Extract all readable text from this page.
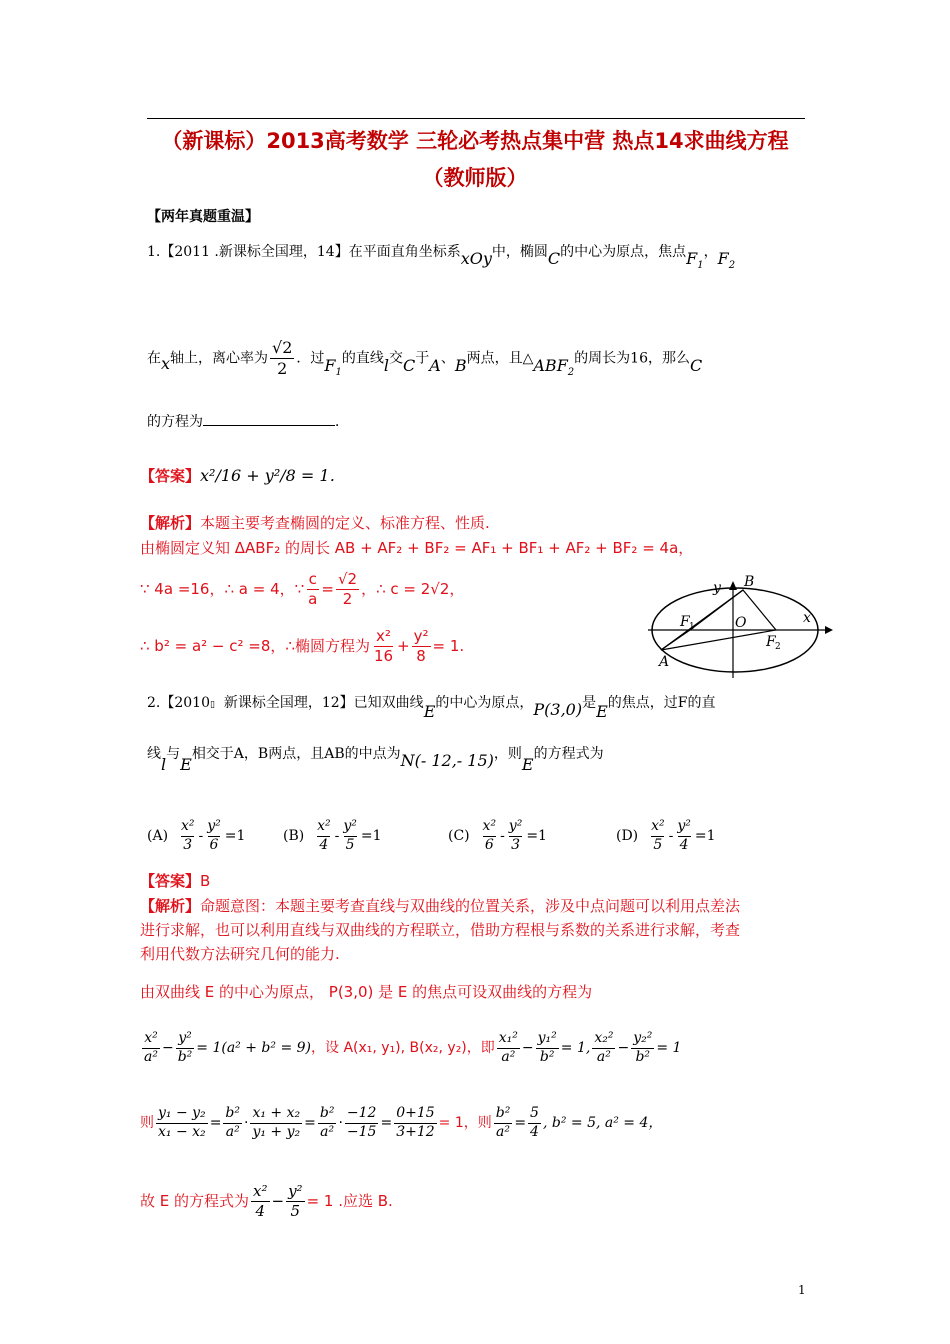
（新课标）2013高考数学 三轮必考热点集中营 热点14求曲线方程
（教师版）
【两年真题重温】
1.【2011 .新课标全国理，14】在平面直角坐标系xOy中，椭圆C的中心为原点，焦点$F_1$，$F_2$
在x轴上，离心率为 $\frac{√2}{2}$ ．过$F_1$的直线l交C于A、B两点，且$\triangle ABF_2$的周长为16，那么C
的方程为	．
【答案】x²/16 + y²/8 = 1．
【解析】本题主要考查椭圆的定义、标准方程、性质.
由椭圆定义知 ΔABF₂ 的周长 AB + AF₂ + BF₂ = AF₁ + BF₁ + AF₂ + BF₂ = 4a，
∵ 4a =16，∴ a = 4，∵ $\frac{c}{a} = \frac{√2}{2}$ ，∴ c = 2√2，
∴ b² = a² − c² =8，∴椭圆方程为 $\frac{\text{x²}}{16} + \frac{\text{y²}}{8} = 1$.
y
x
B
O
F 1
F 2
A
2.【2010▯ 新课标全国理，12】已知双曲线E的中心为原点，P(3,0)是E的焦点，过F的直
线l与E相交于A，B两点，且AB的中点为N(- 12,- 15)，则E的方程式为
$(A) \frac{\text{x²}}{3} - \frac{\text{y²}}{6} =1$	$(B) \frac{\text{x²}}{4} - \frac{\text{y²}}{5} =1$	$(C) \frac{\text{x²}}{6} - \frac{\text{y²}}{3} =1$	$(D) \frac{\text{x²}}{5} - \frac{\text{y²}}{4} =1$
【答案】B
【解析】命题意图：本题主要考查直线与双曲线的位置关系，涉及中点问题可以利用点差法
进行求解，也可以利用直线与双曲线的方程联立，借助方程根与系数的关系进行求解，考查
利用代数方法研究几何的能力.
由双曲线 E 的中心为原点， P(3,0) 是 E 的焦点可设双曲线的方程为
$\frac{\text{x²}}{\text{a²}} - \frac{\text{y²}}{\text{b²}} = 1(a^2 + b^2 = 9)$，设 A(x₁, y₁), B(x₂, y₂)，即 $\frac{\text{x₁²}}{\text{a²}} - \frac{\text{y₁²}}{\text{b²}} = 1$, $\frac{\text{x₂²}}{\text{a²}} - \frac{\text{y₂²}}{\text{b²}} = 1$
则 $\frac{\text{y₁ − y₂}}{\text{x₁ − x₂}} = \frac{\text{b²}}{\text{a²}} \cdot \frac{\text{x₁ + x₂}}{\text{y₁ + y₂}} = \frac{\text{b²}}{\text{a²}} \cdot \frac{-12}{-15} = \frac{0+15}{3+12} = 1$，则 $\frac{\text{b²}}{\text{a²}} = \frac{5}{4}$ , b² = 5, a² = 4，
故 E 的方程式为 $\frac{\text{x²}}{4} - \frac{\text{y²}}{5} = 1$ .应选 B.
1
